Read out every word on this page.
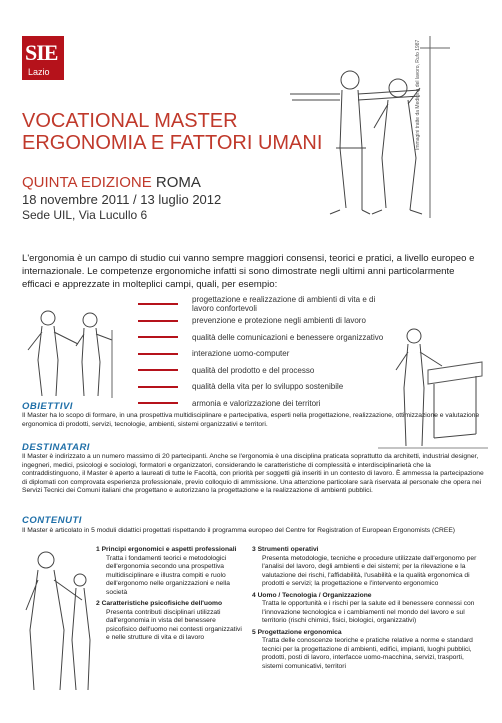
SIE
Lazio	Immagini tratte da Medicina del lavoro, Rufo 1987
VOCATIONAL MASTER
ERGONOMIA E FATTORI UMANI
QUINTA EDIZIONE ROMA
18 novembre 2011 / 13 luglio 2012
Sede UIL, Via Lucullo 6
L'ergonomia è un campo di studio cui vanno sempre maggiori consensi, teorici e pratici, a livello europeo e internazionale. Le competenze ergonomiche infatti si sono dimostrate negli ultimi anni particolarmente efficaci e apprezzate in molteplici campi, quali, per esempio:
progettazione e realizzazione di ambienti di vita e di lavoro confortevoli
prevenzione e protezione negli ambienti di lavoro
qualità delle comunicazioni e benessere organizzativo
interazione uomo-computer
qualità del prodotto e del processo
qualità della vita per lo sviluppo sostenibile
armonia e valorizzazione dei territori
OBIETTIVI
Il Master ha lo scopo di formare, in una prospettiva multidisciplinare e partecipativa, esperti nella progettazione, realizzazione, ottimizzazione e valutazione ergonomica di prodotti, servizi, tecnologie, ambienti, sistemi organizzativi e territori.
DESTINATARI
Il Master è indirizzato a un numero massimo di 20 partecipanti. Anche se l'ergonomia è una disciplina praticata soprattutto da architetti, industrial designer, ingegneri, medici, psicologi e sociologi, formatori e organizzatori, considerando le caratteristiche di complessità e interdisciplinarietà che la contraddistinguono, il Master è aperto a laureati di tutte le Facoltà, con priorità per soggetti già inseriti in un contesto di lavoro. È ammessa la partecipazione di diplomati con comprovata esperienza professionale, previo colloquio di ammissione. Una attenzione particolare sarà riservata al personale che opera nei Servizi Tecnici dei Comuni italiani che progettano e autorizzano la progettazione e la realizzazione di ambienti pubblici.
CONTENUTI
Il Master è articolato in 5 moduli didattici progettati rispettando il programma europeo del Centre for Registration of European Ergonomists (CREE)
1 Principi ergonomici e aspetti professionali
Tratta i fondamenti teorici e metodologici dell'ergonomia secondo una prospettiva multidisciplinare e illustra compiti e ruolo dell'ergonomo nelle organizzazioni e nella società
2 Caratteristiche psicofisiche dell'uomo
Presenta contributi disciplinari utilizzati dall'ergonomia in vista del benessere psicofisico dell'uomo nei contesti organizzativi e nelle strutture di vita e di lavoro
3 Strumenti operativi
Presenta metodologie, tecniche e procedure utilizzate dall'ergonomo per l'analisi del lavoro, degli ambienti e dei sistemi; per la rilevazione e la valutazione dei rischi, l'affidabilità, l'usabilità e la qualità ergonomica di prodotti e servizi; la progettazione e l'intervento ergonomico
4 Uomo / Tecnologia / Organizzazione
Tratta le opportunità e i rischi per la salute ed il benessere connessi con l'innovazione tecnologica e i cambiamenti nel mondo del lavoro e sul territorio (rischi chimici, fisici, biologici, organizzativi)
5 Progettazione ergonomica
Tratta delle conoscenze teoriche e pratiche relative a norme e standard tecnici per la progettazione di ambienti, edifici, impianti, luoghi pubblici, prodotti, posti di lavoro, interfacce uomo-macchina, servizi, trasporti, sistemi comunicativi, territori
